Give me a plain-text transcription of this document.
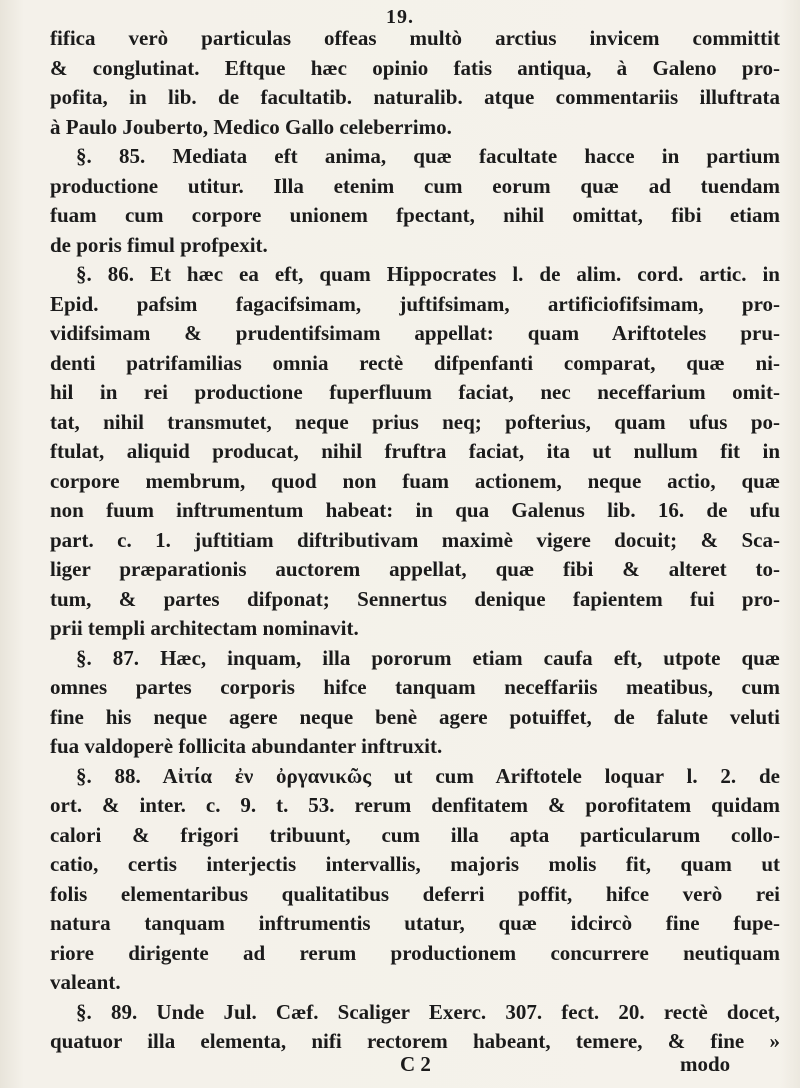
19.
fifica verò particulas offeas multò arctius invicem committit
& conglutinat. Eftque hæc opinio fatis antiqua, à Galeno pro-
pofita, in lib. de facultatib. naturalib. atque commentariis illuftrata
à Paulo Jouberto, Medico Gallo celeberrimo.
§. 85. Mediata eft anima, quæ facultate hacce in partium
productione utitur. Illa etenim cum eorum quæ ad tuendam
fuam cum corpore unionem fpectant, nihil omittat, fibi etiam
de poris fimul profpexit.
§. 86. Et hæc ea eft, quam Hippocrates l. de alim. cord. artic. in
Epid. pafsim fagacifsimam, juftifsimam, artificiofifsimam, pro-
vidifsimam & prudentifsimam appellat: quam Ariftoteles pru-
denti patrifamilias omnia rectè difpenfanti comparat, quæ ni-
hil in rei productione fuperfluum faciat, nec neceffarium omit-
tat, nihil transmutet, neque prius neq; pofterius, quam ufus po-
ftulat, aliquid producat, nihil fruftra faciat, ita ut nullum fit in
corpore membrum, quod non fuam actionem, neque actio, quæ
non fuum inftrumentum habeat: in qua Galenus lib. 16. de ufu
part. c. 1. juftitiam diftributivam maximè vigere docuit; & Sca-
liger præparationis auctorem appellat, quæ fibi & alteret to-
tum, & partes difponat; Sennertus denique fapientem fui pro-
prii templi architectam nominavit.
§. 87. Hæc, inquam, illa pororum etiam caufa eft, utpote quæ
omnes partes corporis hifce tanquam neceffariis meatibus, cum
fine his neque agere neque benè agere potuiffet, de falute veluti
fua valdoperè follicita abundanter inftruxit.
§. 88. Αἰτία ἐν ὀργανικῶς ut cum Ariftotele loquar l. 2. de
ort. & inter. c. 9. t. 53. rerum denfitatem & porofitatem quidam
calori & frigori tribuunt, cum illa apta particularum collo-
catio, certis interjectis intervallis, majoris molis fit, quam ut
folis elementaribus qualitatibus deferri poffit, hifce verò rei
natura tanquam inftrumentis utatur, quæ idcircò fine fupe-
riore dirigente ad rerum productionem concurrere neutiquam
valeant.
§. 89. Unde Jul. Cæf. Scaliger Exerc. 307. fect. 20. rectè docet,
quatuor illa elementa, nifi rectorem habeant, temere, & fine »
C 2	modo
